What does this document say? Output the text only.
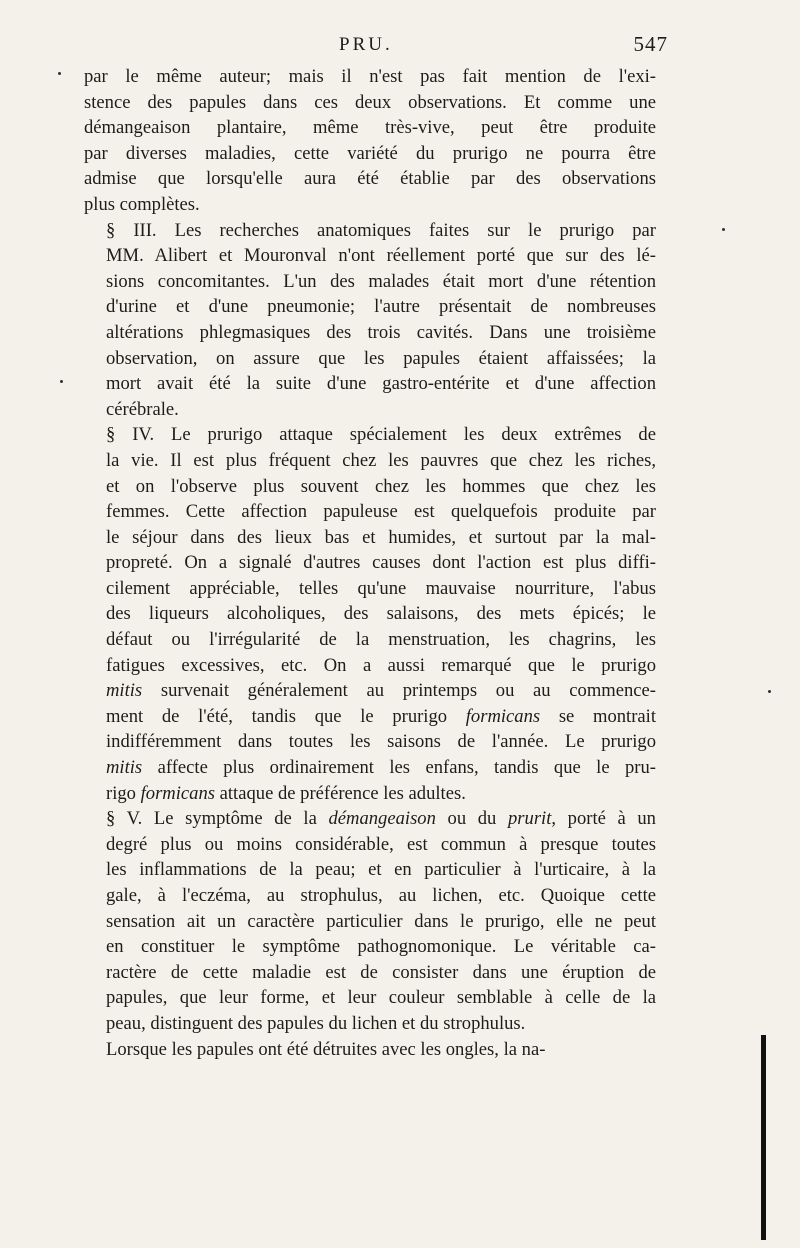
PRU.	547

par le même auteur; mais il n'est pas fait mention de l'exi-
stence des papules dans ces deux observations. Et comme une
démangeaison plantaire, même très-vive, peut être produite
par diverses maladies, cette variété du prurigo ne pourra être
admise que lorsqu'elle aura été établie par des observations
plus complètes.

§ III. Les recherches anatomiques faites sur le prurigo par
MM. Alibert et Mouronval n'ont réellement porté que sur des lé-
sions concomitantes. L'un des malades était mort d'une rétention
d'urine et d'une pneumonie; l'autre présentait de nombreuses
altérations phlegmasiques des trois cavités. Dans une troisième
observation, on assure que les papules étaient affaissées; la
mort avait été la suite d'une gastro-entérite et d'une affection
cérébrale.

§ IV. Le prurigo attaque spécialement les deux extrêmes de
la vie. Il est plus fréquent chez les pauvres que chez les riches,
et on l'observe plus souvent chez les hommes que chez les
femmes. Cette affection papuleuse est quelquefois produite par
le séjour dans des lieux bas et humides, et surtout par la mal-
propreté. On a signalé d'autres causes dont l'action est plus diffi-
cilement appréciable, telles qu'une mauvaise nourriture, l'abus
des liqueurs alcoholiques, des salaisons, des mets épicés; le
défaut ou l'irrégularité de la menstruation, les chagrins, les
fatigues excessives, etc. On a aussi remarqué que le prurigo
mitis survenait généralement au printemps ou au commence-
ment de l'été, tandis que le prurigo formicans se montrait
indifféremment dans toutes les saisons de l'année. Le prurigo
mitis affecte plus ordinairement les enfans, tandis que le pru-
rigo formicans attaque de préférence les adultes.

§ V. Le symptôme de la démangeaison ou du prurit, porté à un
degré plus ou moins considérable, est commun à presque toutes
les inflammations de la peau; et en particulier à l'urticaire, à la
gale, à l'eczéma, au strophulus, au lichen, etc. Quoique cette
sensation ait un caractère particulier dans le prurigo, elle ne peut
en constituer le symptôme pathognomonique. Le véritable ca-
ractère de cette maladie est de consister dans une éruption de
papules, que leur forme, et leur couleur semblable à celle de la
peau, distinguent des papules du lichen et du strophulus.

Lorsque les papules ont été détruites avec les ongles, la na-
